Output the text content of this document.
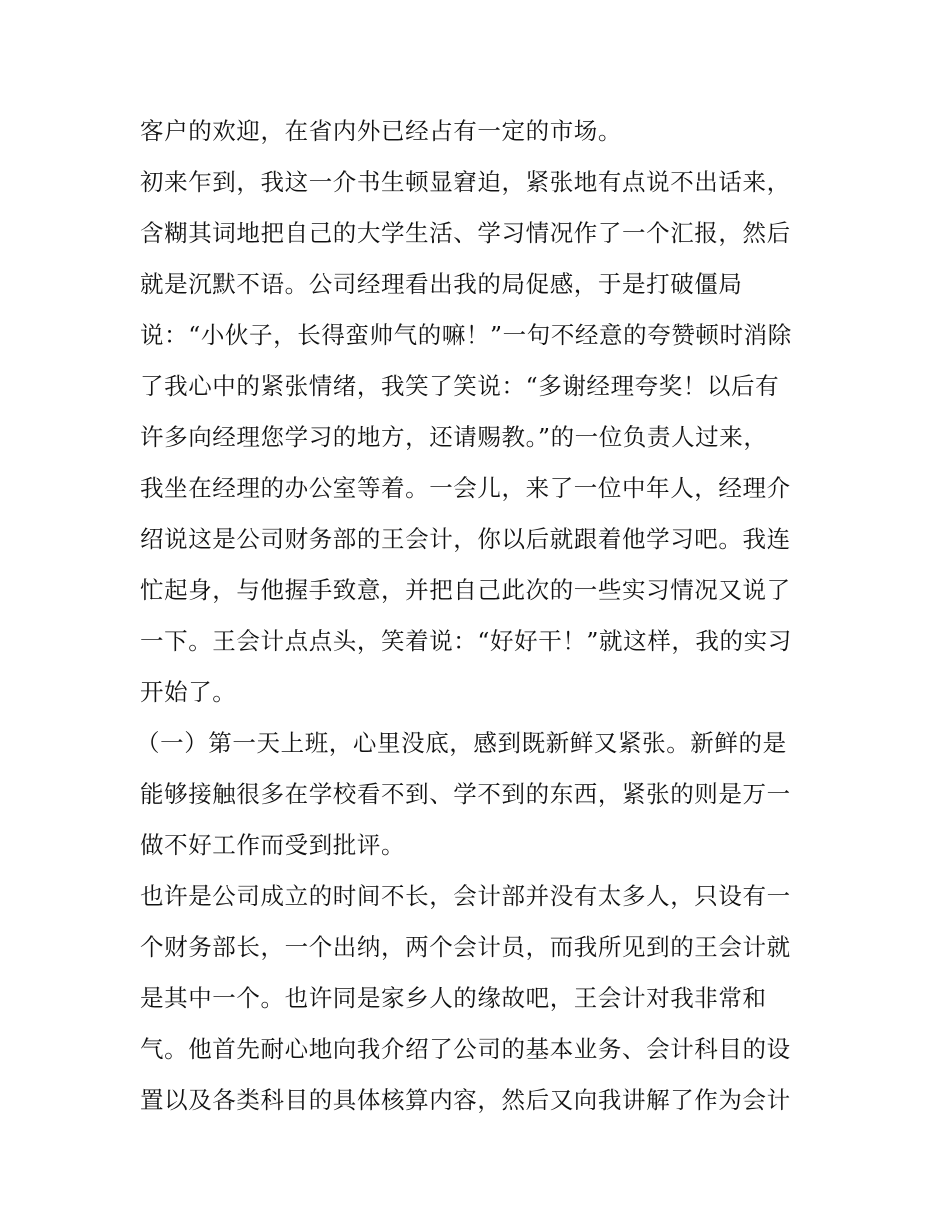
客户的欢迎，在省内外已经占有一定的市场。
初来乍到，我这一介书生顿显窘迫，紧张地有点说不出话来，
含糊其词地把自己的大学生活、学习情况作了一个汇报，然后
就是沉默不语。公司经理看出我的局促感，于是打破僵局
说：“小伙子，长得蛮帅气的嘛！”一句不经意的夸赞顿时消除
了我心中的紧张情绪，我笑了笑说：“多谢经理夸奖！以后有
许多向经理您学习的地方，还请赐教。”的一位负责人过来，
我坐在经理的办公室等着。一会儿，来了一位中年人，经理介
绍说这是公司财务部的王会计，你以后就跟着他学习吧。我连
忙起身，与他握手致意，并把自己此次的一些实习情况又说了
一下。王会计点点头，笑着说：“好好干！”就这样，我的实习
开始了。
（一）第一天上班，心里没底，感到既新鲜又紧张。新鲜的是
能够接触很多在学校看不到、学不到的东西，紧张的则是万一
做不好工作而受到批评。
也许是公司成立的时间不长，会计部并没有太多人，只设有一
个财务部长，一个出纳，两个会计员，而我所见到的王会计就
是其中一个。也许同是家乡人的缘故吧，王会计对我非常和
气。他首先耐心地向我介绍了公司的基本业务、会计科目的设
置以及各类科目的具体核算内容，然后又向我讲解了作为会计
